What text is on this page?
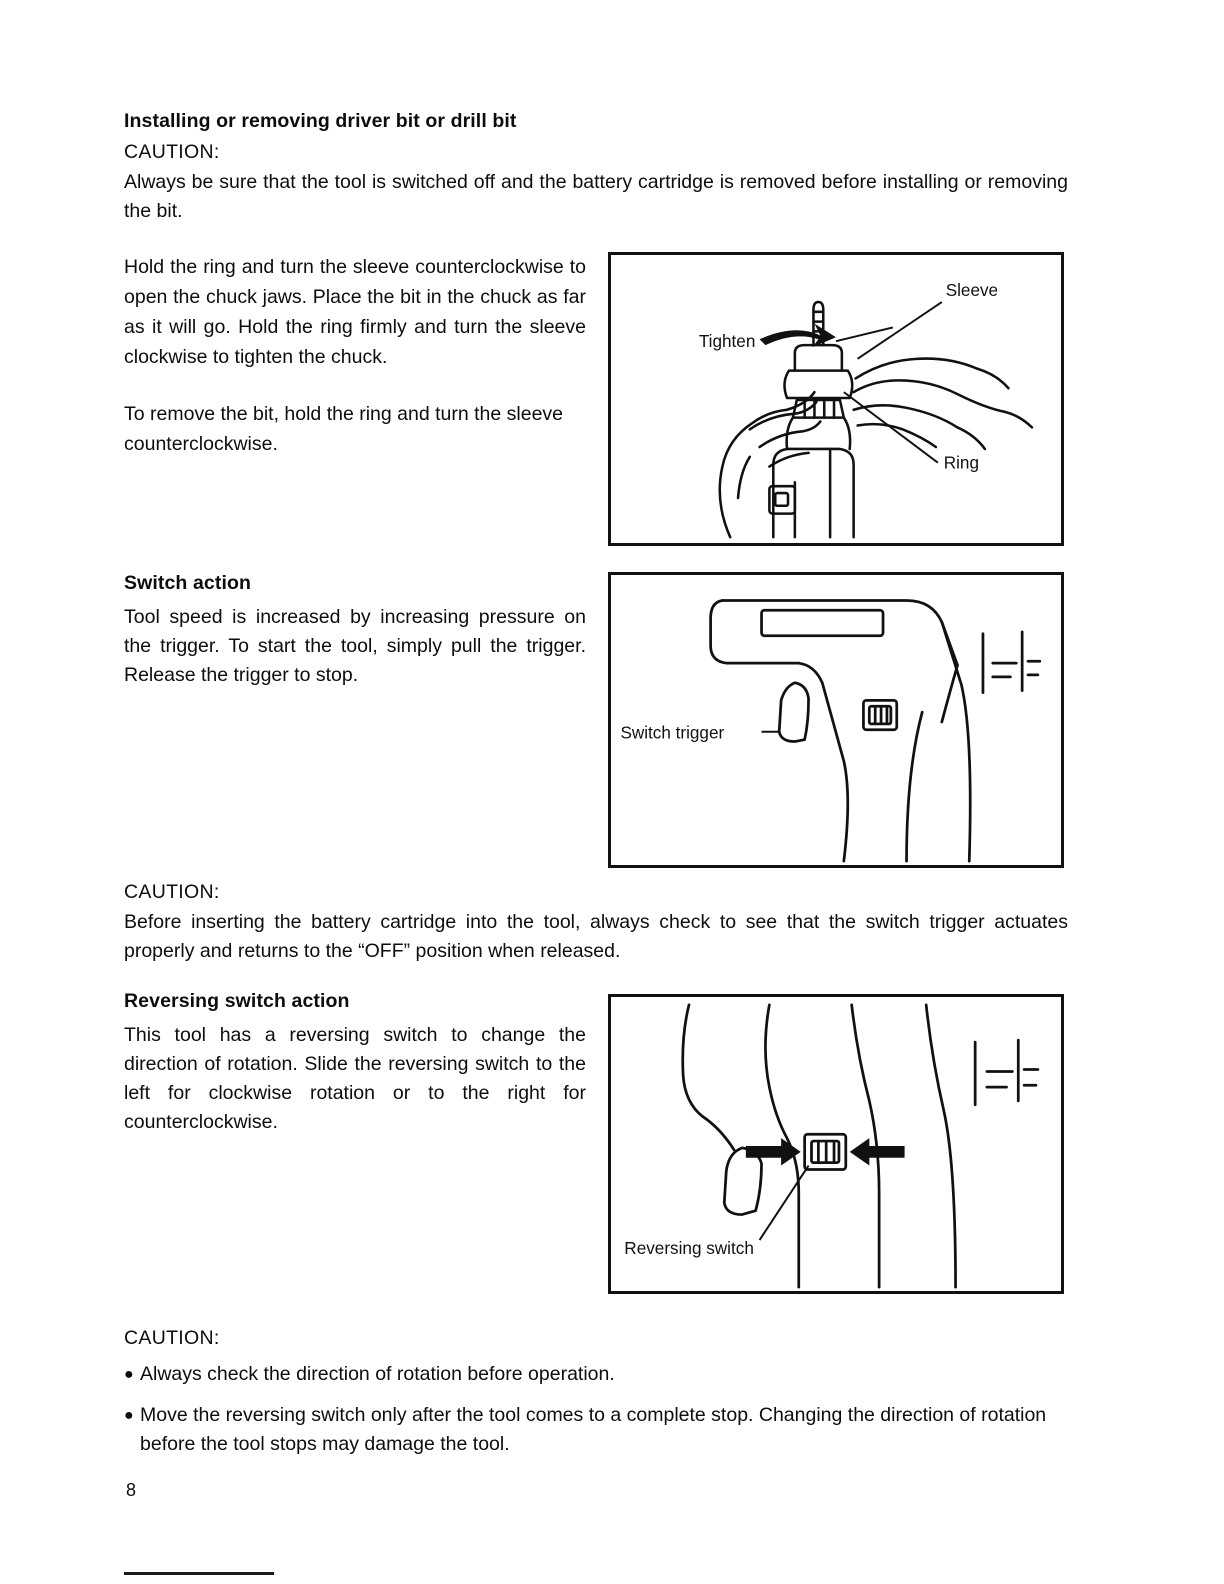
Installing or removing driver bit or drill bit
CAUTION:
Always be sure that the tool is switched off and the battery cartridge is removed before installing or removing the bit.
Hold the ring and turn the sleeve counterclockwise to open the chuck jaws. Place the bit in the chuck as far as it will go. Hold the ring firmly and turn the sleeve clockwise to tighten the chuck.
To remove the bit, hold the ring and turn the sleeve counterclockwise.
Sleeve
Tighten
Ring
Switch action
Tool speed is increased by increasing pressure on the trigger. To start the tool, simply pull the trigger. Release the trigger to stop.
Switch trigger
CAUTION:
Before inserting the battery cartridge into the tool, always check to see that the switch trigger actuates properly and returns to the “OFF” position when released.
Reversing switch action
This tool has a reversing switch to change the direction of rotation. Slide the reversing switch to the left for clockwise rotation or to the right for counterclockwise.
Reversing switch
CAUTION:
● Always check the direction of rotation before operation.
● Move the reversing switch only after the tool comes to a complete stop. Changing the direction of rotation before the tool stops may damage the tool.
8
